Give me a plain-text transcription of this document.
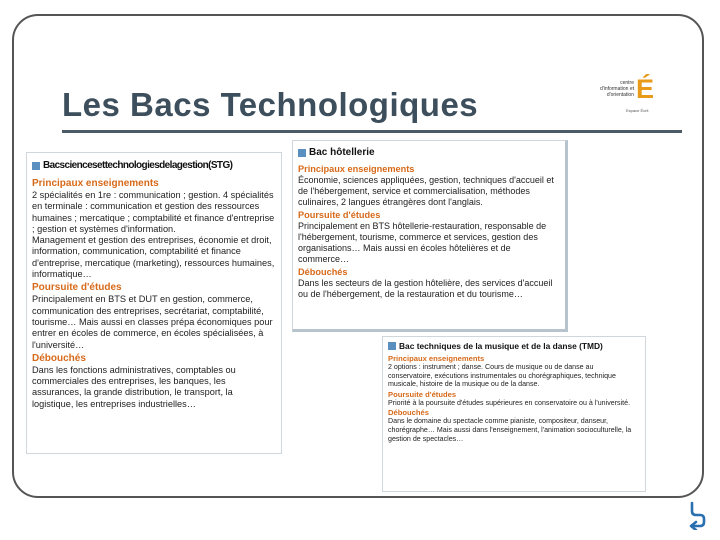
Les Bacs Technologiques
centre d'information et d'orientation É
Espace Écrit
Bacsciencesettechnologiesdelagestion(STG)
Principaux enseignements
2 spécialités en 1re : communication ; gestion. 4 spécialités en terminale : communication et gestion des ressources humaines ; mercatique ; comptabilité et finance d'entreprise ; gestion et systèmes d'information.
Management et gestion des entreprises, économie et droit, information, communication, comptabilité et finance d'entreprise, mercatique (marketing), ressources humaines, informatique…
Poursuite d'études
Principalement en BTS et DUT en gestion, commerce, communication des entreprises, secrétariat, comptabilité, tourisme… Mais aussi en classes prépa économiques pour entrer en écoles de commerce, en écoles spécialisées, à l'université…
Débouchés
Dans les fonctions administratives, comptables ou commerciales des entreprises, les banques, les assurances, la grande distribution, le transport, la logistique, les entreprises industrielles…
Bac hôtellerie
Principaux enseignements
Économie, sciences appliquées, gestion, techniques d'accueil et de l'hébergement, service et commercialisation, méthodes culinaires, 2 langues étrangères dont l'anglais.
Poursuite d'études
Principalement en BTS hôtellerie-restauration, responsable de l'hébergement, tourisme, commerce et services, gestion des organisations… Mais aussi en écoles hôtelières et de commerce…
Débouchés
Dans les secteurs de la gestion hôtelière, des services d'accueil ou de l'hébergement, de la restauration et du tourisme…
Bac techniques de la musique et de la danse (TMD)
Principaux enseignements
2 options : instrument ; danse. Cours de musique ou de danse au conservatoire, exécutions instrumentales ou chorégraphiques, technique musicale, histoire de la musique ou de la danse.
Poursuite d'études
Priorité à la poursuite d'études supérieures en conservatoire ou à l'université.
Débouchés
Dans le domaine du spectacle comme pianiste, compositeur, danseur, chorégraphe… Mais aussi dans l'enseignement, l'animation socioculturelle, la gestion de spectacles…
